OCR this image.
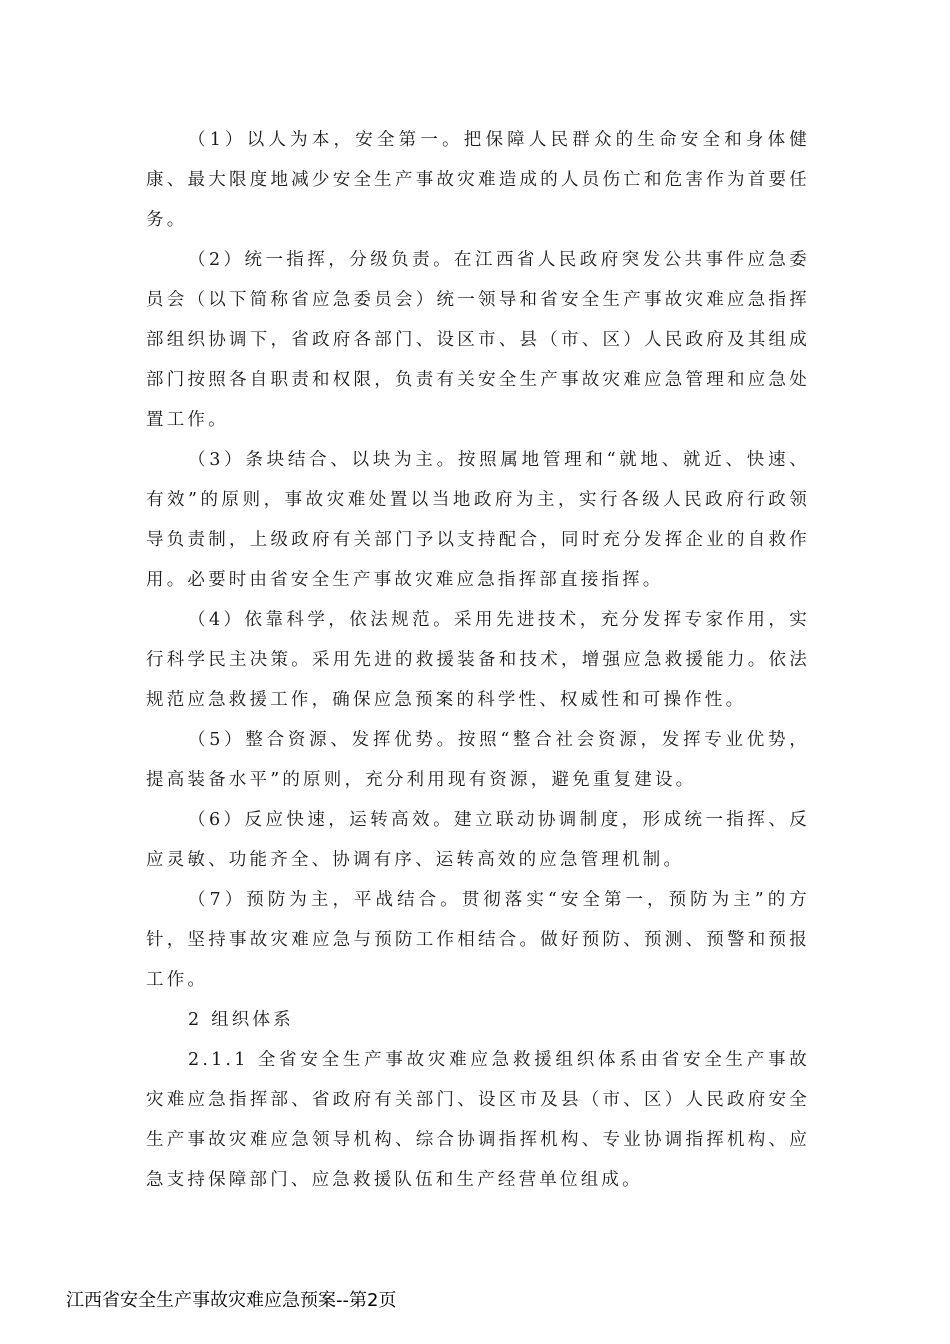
（1）以人为本，安全第一。把保障人民群众的生命安全和身体健康、最大限度地减少安全生产事故灾难造成的人员伤亡和危害作为首要任务。

（2）统一指挥，分级负责。在江西省人民政府突发公共事件应急委员会（以下简称省应急委员会）统一领导和省安全生产事故灾难应急指挥部组织协调下，省政府各部门、设区市、县（市、区）人民政府及其组成部门按照各自职责和权限，负责有关安全生产事故灾难应急管理和应急处置工作。

（3）条块结合、以块为主。按照属地管理和“就地、就近、快速、有效”的原则，事故灾难处置以当地政府为主，实行各级人民政府行政领导负责制，上级政府有关部门予以支持配合，同时充分发挥企业的自救作用。必要时由省安全生产事故灾难应急指挥部直接指挥。

（4）依靠科学，依法规范。采用先进技术，充分发挥专家作用，实行科学民主决策。采用先进的救援装备和技术，增强应急救援能力。依法规范应急救援工作，确保应急预案的科学性、权威性和可操作性。

（5）整合资源、发挥优势。按照“整合社会资源，发挥专业优势，提高装备水平”的原则，充分利用现有资源，避免重复建设。

（6）反应快速，运转高效。建立联动协调制度，形成统一指挥、反应灵敏、功能齐全、协调有序、运转高效的应急管理机制。

（7）预防为主，平战结合。贯彻落实“安全第一，预防为主”的方针，坚持事故灾难应急与预防工作相结合。做好预防、预测、预警和预报工作。

2 组织体系

2.1.1 全省安全生产事故灾难应急救援组织体系由省安全生产事故灾难应急指挥部、省政府有关部门、设区市及县（市、区）人民政府安全生产事故灾难应急领导机构、综合协调指挥机构、专业协调指挥机构、应急支持保障部门、应急救援队伍和生产经营单位组成。

江西省安全生产事故灾难应急预案--第2页
